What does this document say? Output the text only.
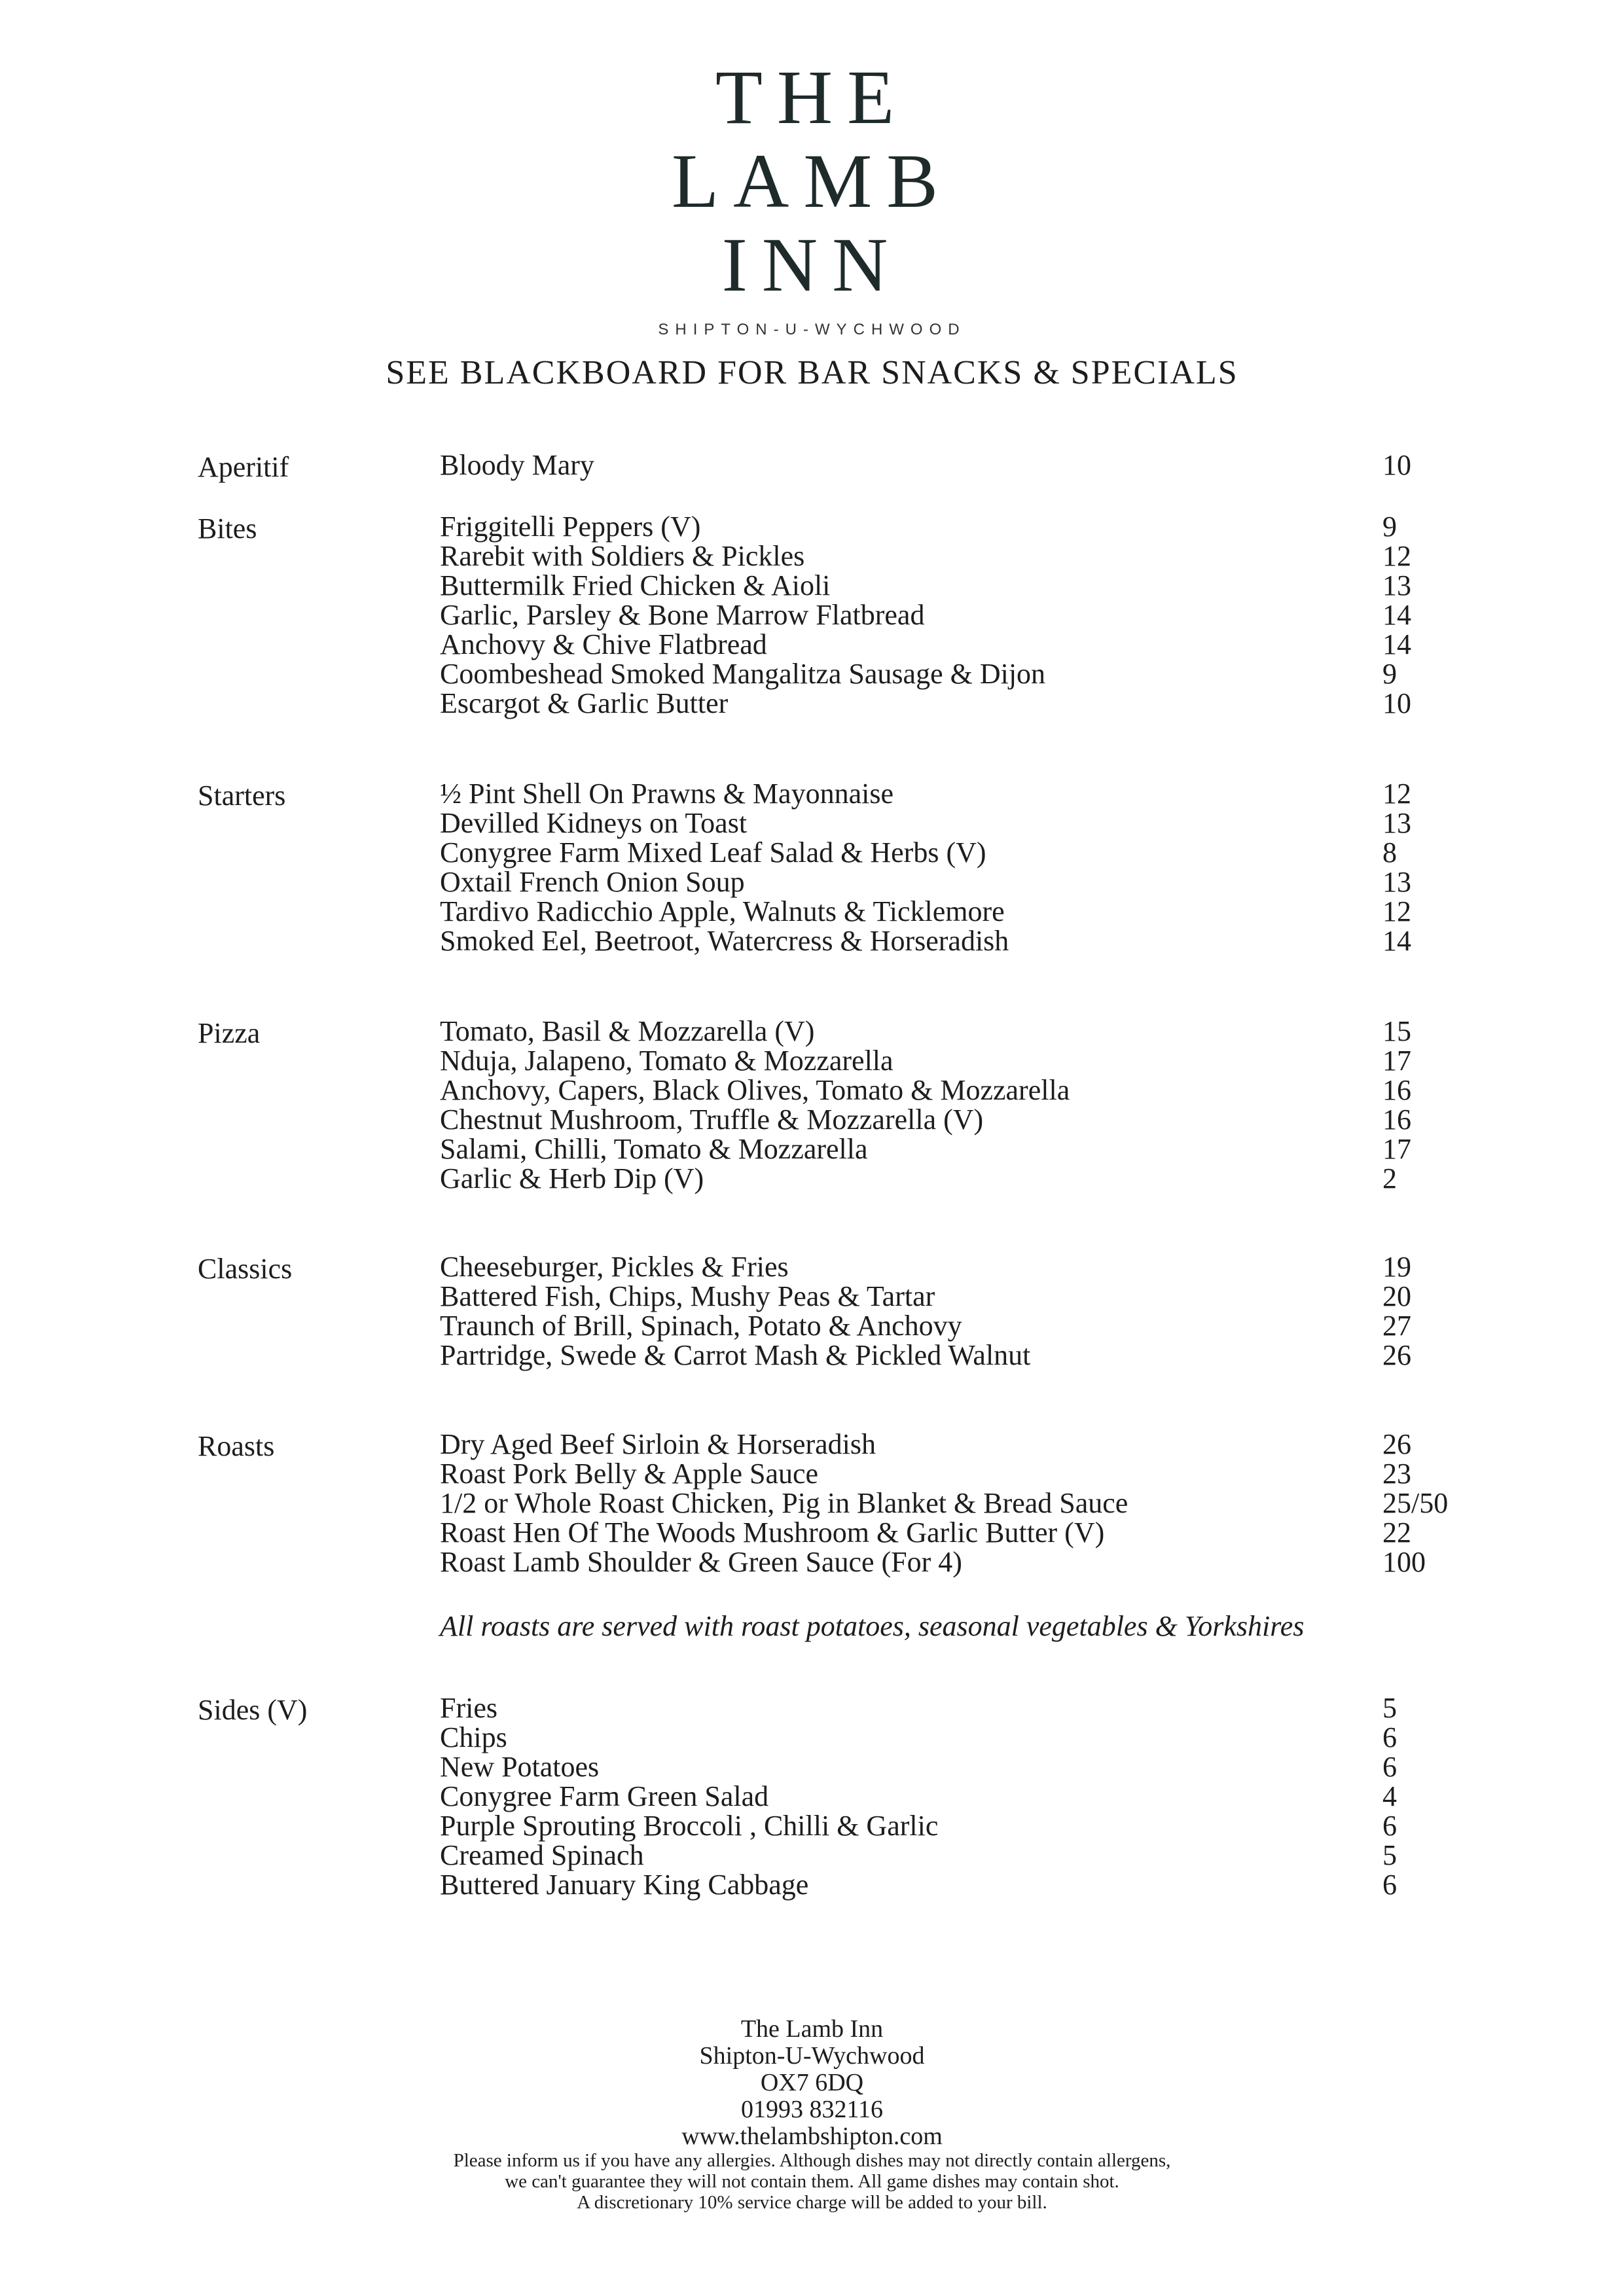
THE
LAMB
INN
SHIPTON-U-WYCHWOOD
SEE BLACKBOARD FOR BAR SNACKS & SPECIALS
Aperitif	Bloody Mary	10
Bites	Friggitelli Peppers (V)	9
Rarebit with Soldiers & Pickles	12
Buttermilk Fried Chicken & Aioli	13
Garlic, Parsley & Bone Marrow Flatbread	14
Anchovy & Chive Flatbread	14
Coombeshead Smoked Mangalitza Sausage & Dijon	9
Escargot & Garlic Butter	10
Starters	½ Pint Shell On Prawns & Mayonnaise	12
Devilled Kidneys on Toast	13
Conygree Farm Mixed Leaf Salad & Herbs (V)	8
Oxtail French Onion Soup	13
Tardivo Radicchio Apple, Walnuts & Ticklemore	12
Smoked Eel, Beetroot, Watercress & Horseradish	14
Pizza	Tomato, Basil & Mozzarella (V)	15
Nduja, Jalapeno, Tomato & Mozzarella	17
Anchovy, Capers, Black Olives, Tomato & Mozzarella	16
Chestnut Mushroom, Truffle & Mozzarella (V)	16
Salami, Chilli, Tomato & Mozzarella	17
Garlic & Herb Dip (V)	2
Classics	Cheeseburger, Pickles & Fries	19
Battered Fish, Chips, Mushy Peas & Tartar	20
Traunch of Brill, Spinach, Potato & Anchovy	27
Partridge, Swede & Carrot Mash & Pickled Walnut	26
Roasts	Dry Aged Beef Sirloin & Horseradish	26
Roast Pork Belly & Apple Sauce	23
1/2 or Whole Roast Chicken, Pig in Blanket & Bread Sauce	25/50
Roast Hen Of The Woods Mushroom & Garlic Butter (V)	22
Roast Lamb Shoulder & Green Sauce (For 4)	100
All roasts are served with roast potatoes, seasonal vegetables & Yorkshires
Sides (V)	Fries	5
Chips	6
New Potatoes	6
Conygree Farm Green Salad	4
Purple Sprouting Broccoli , Chilli & Garlic	6
Creamed Spinach	5
Buttered January King Cabbage	6
The Lamb Inn
Shipton-U-Wychwood
OX7 6DQ
01993 832116
www.thelambshipton.com
Please inform us if you have any allergies. Although dishes may not directly contain allergens,
we can't guarantee they will not contain them. All game dishes may contain shot.
A discretionary 10% service charge will be added to your bill.
